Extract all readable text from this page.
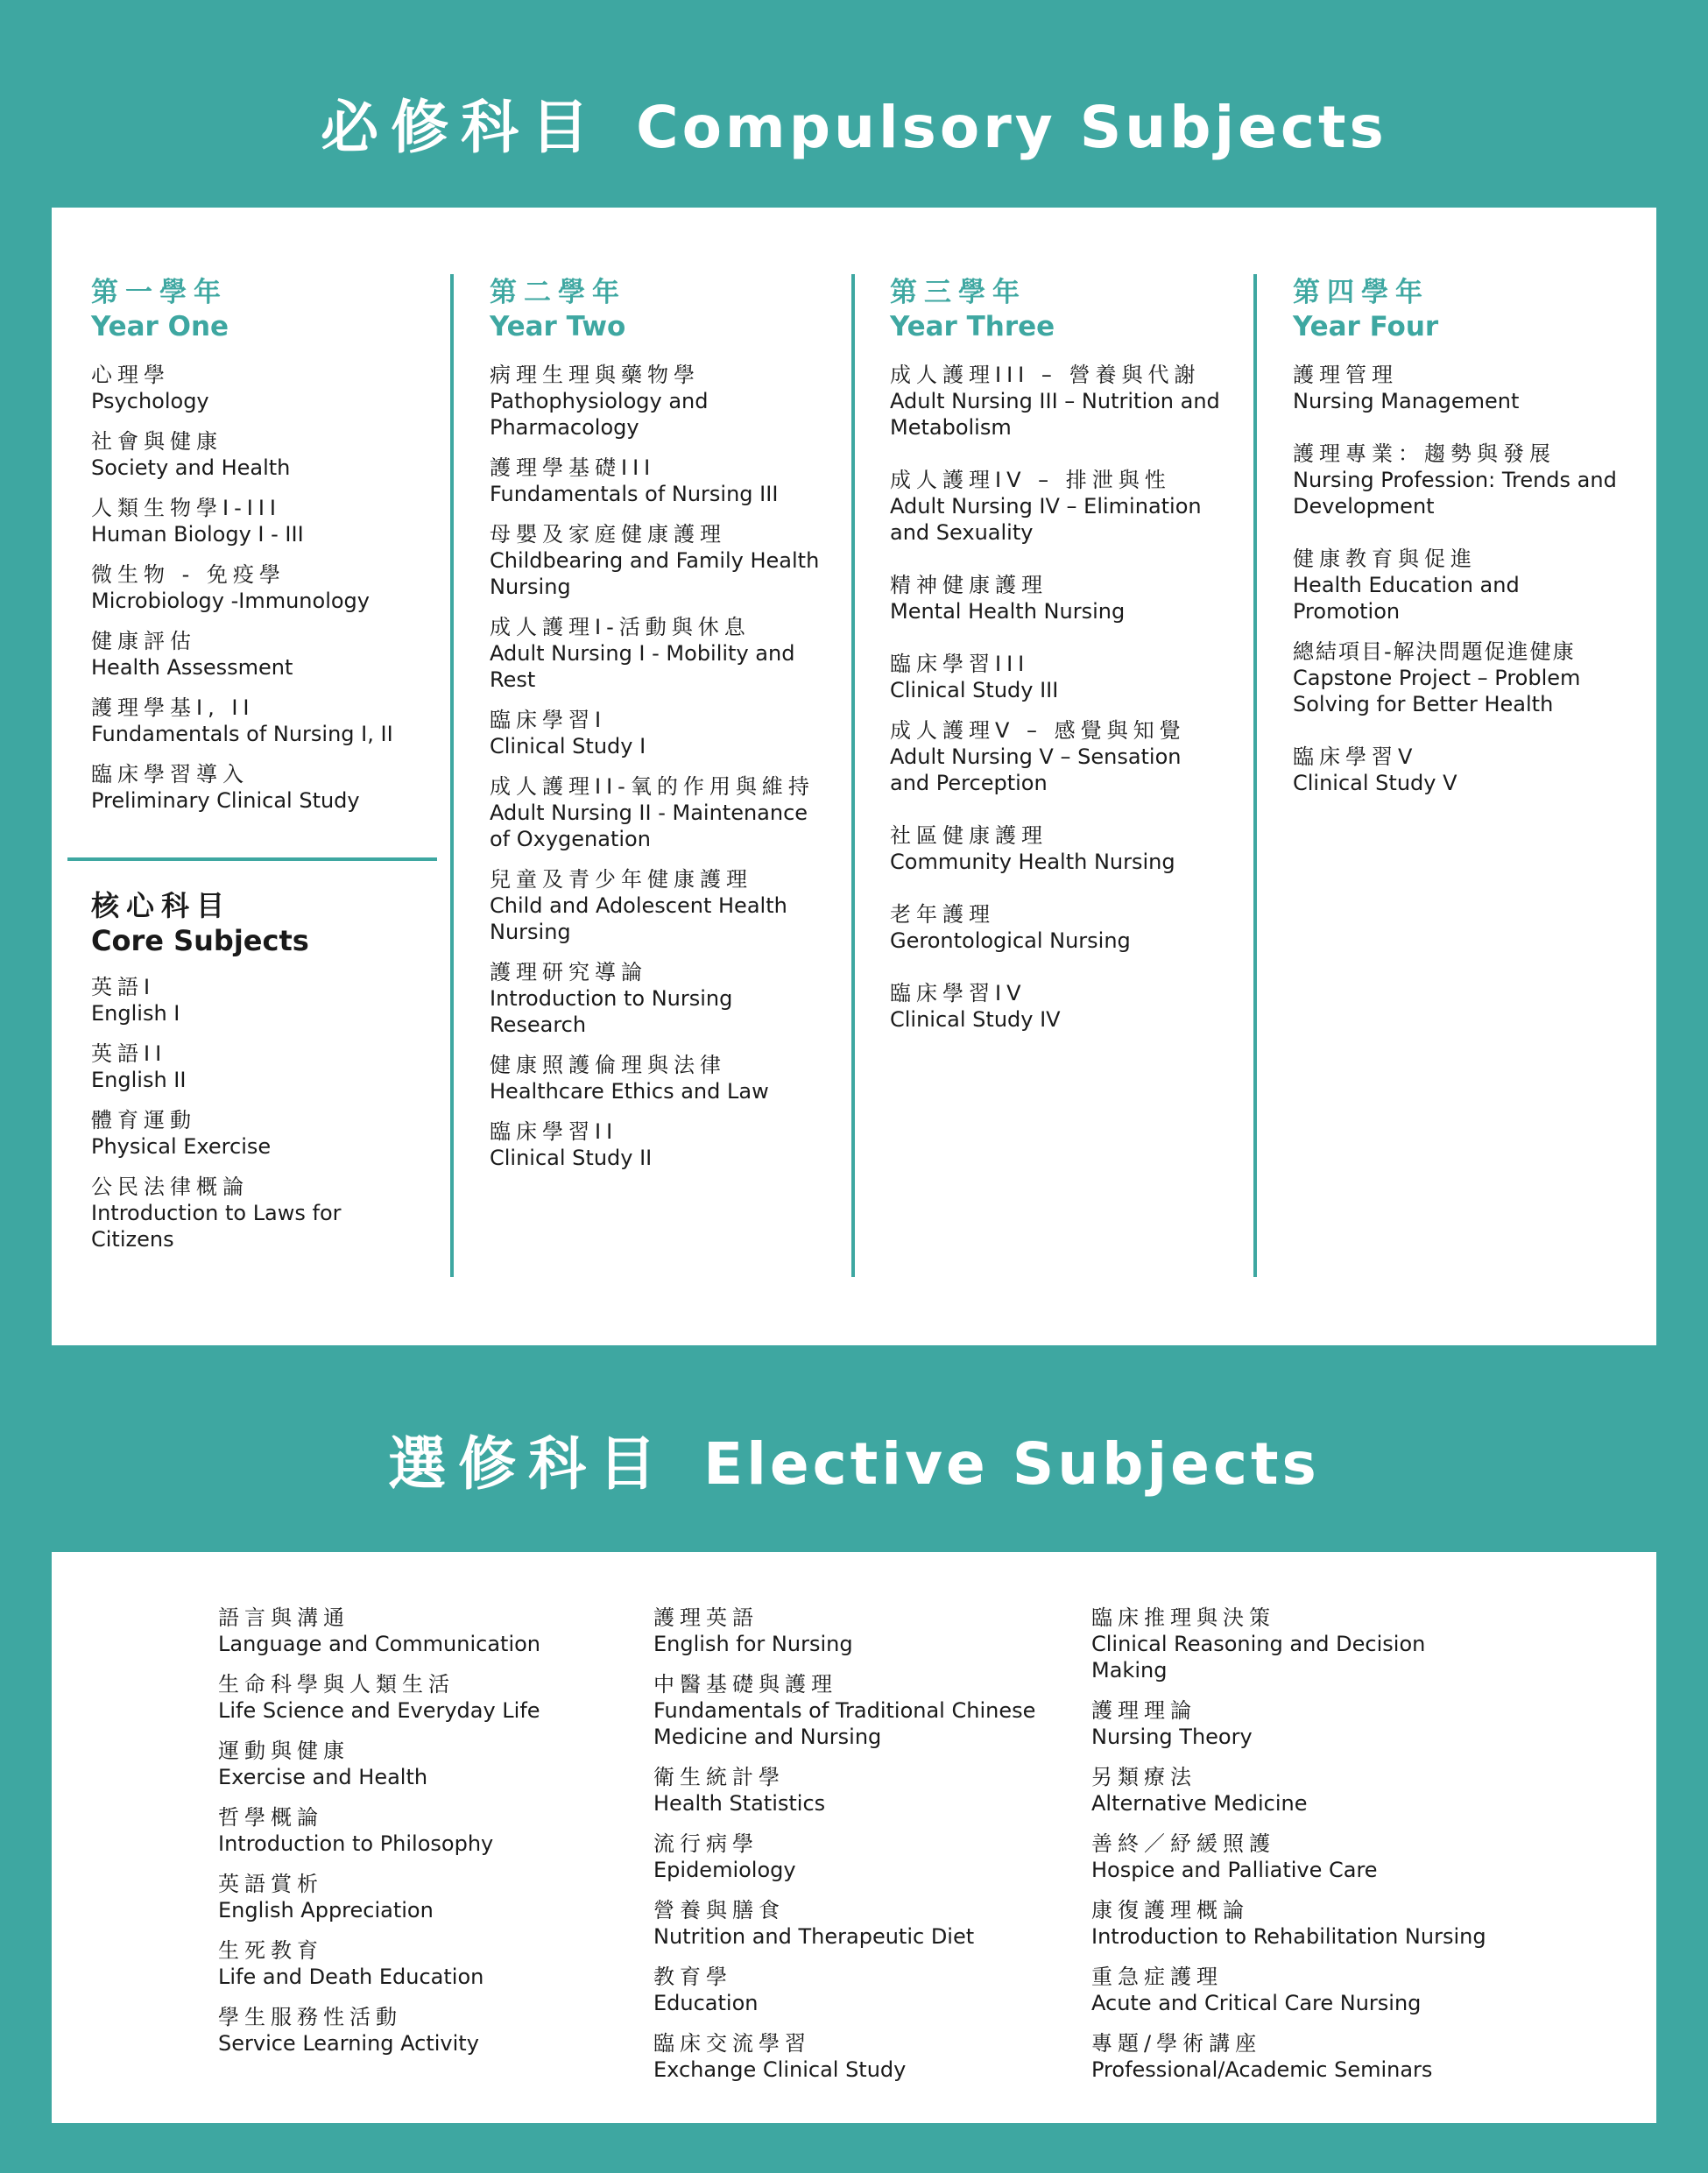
必修科目 Compulsory Subjects
第一學年
Year One
心理學
Psychology
社會與健康
Society and Health
人類生物學I-III
Human Biology I - III
微生物 - 免疫學
Microbiology -Immunology
健康評估
Health Assessment
護理學基I, II
Fundamentals of Nursing I, II
臨床學習導入
Preliminary Clinical Study
核心科目
Core Subjects
英語I
English I
英語II
English II
體育運動
Physical Exercise
公民法律概論
Introduction to Laws for Citizens
第二學年
Year Two
病理生理與藥物學
Pathophysiology and Pharmacology
護理學基礎III
Fundamentals of Nursing III
母嬰及家庭健康護理
Childbearing and Family Health Nursing
成人護理I-活動與休息
Adult Nursing I - Mobility and Rest
臨床學習I
Clinical Study I
成人護理II-氧的作用與維持
Adult Nursing II - Maintenance of Oxygenation
兒童及青少年健康護理
Child and Adolescent Health Nursing
護理研究導論
Introduction to Nursing Research
健康照護倫理與法律
Healthcare Ethics and Law
臨床學習II
Clinical Study II
第三學年
Year Three
成人護理III – 營養與代謝
Adult Nursing III – Nutrition and Metabolism
成人護理IV – 排泄與性
Adult Nursing IV – Elimination and Sexuality
精神健康護理
Mental Health Nursing
臨床學習III
Clinical Study III
成人護理V – 感覺與知覺
Adult Nursing V – Sensation and Perception
社區健康護理
Community Health Nursing
老年護理
Gerontological Nursing
臨床學習IV
Clinical Study IV
第四學年
Year Four
護理管理
Nursing Management
護理專業：趨勢與發展
Nursing Profession: Trends and Development
健康教育與促進
Health Education and Promotion
總結項目-解決問題促進健康
Capstone Project – Problem Solving for Better Health
臨床學習V
Clinical Study V
選修科目 Elective Subjects
語言與溝通
Language and Communication
生命科學與人類生活
Life Science and Everyday Life
運動與健康
Exercise and Health
哲學概論
Introduction to Philosophy
英語賞析
English Appreciation
生死教育
Life and Death Education
學生服務性活動
Service Learning Activity
護理英語
English for Nursing
中醫基礎與護理
Fundamentals of Traditional Chinese Medicine and Nursing
衛生統計學
Health Statistics
流行病學
Epidemiology
營養與膳食
Nutrition and Therapeutic Diet
教育學
Education
臨床交流學習
Exchange Clinical Study
臨床推理與決策
Clinical Reasoning and Decision Making
護理理論
Nursing Theory
另類療法
Alternative Medicine
善終／紓緩照護
Hospice and Palliative Care
康復護理概論
Introduction to Rehabilitation Nursing
重急症護理
Acute and Critical Care Nursing
專題/學術講座
Professional/Academic Seminars
